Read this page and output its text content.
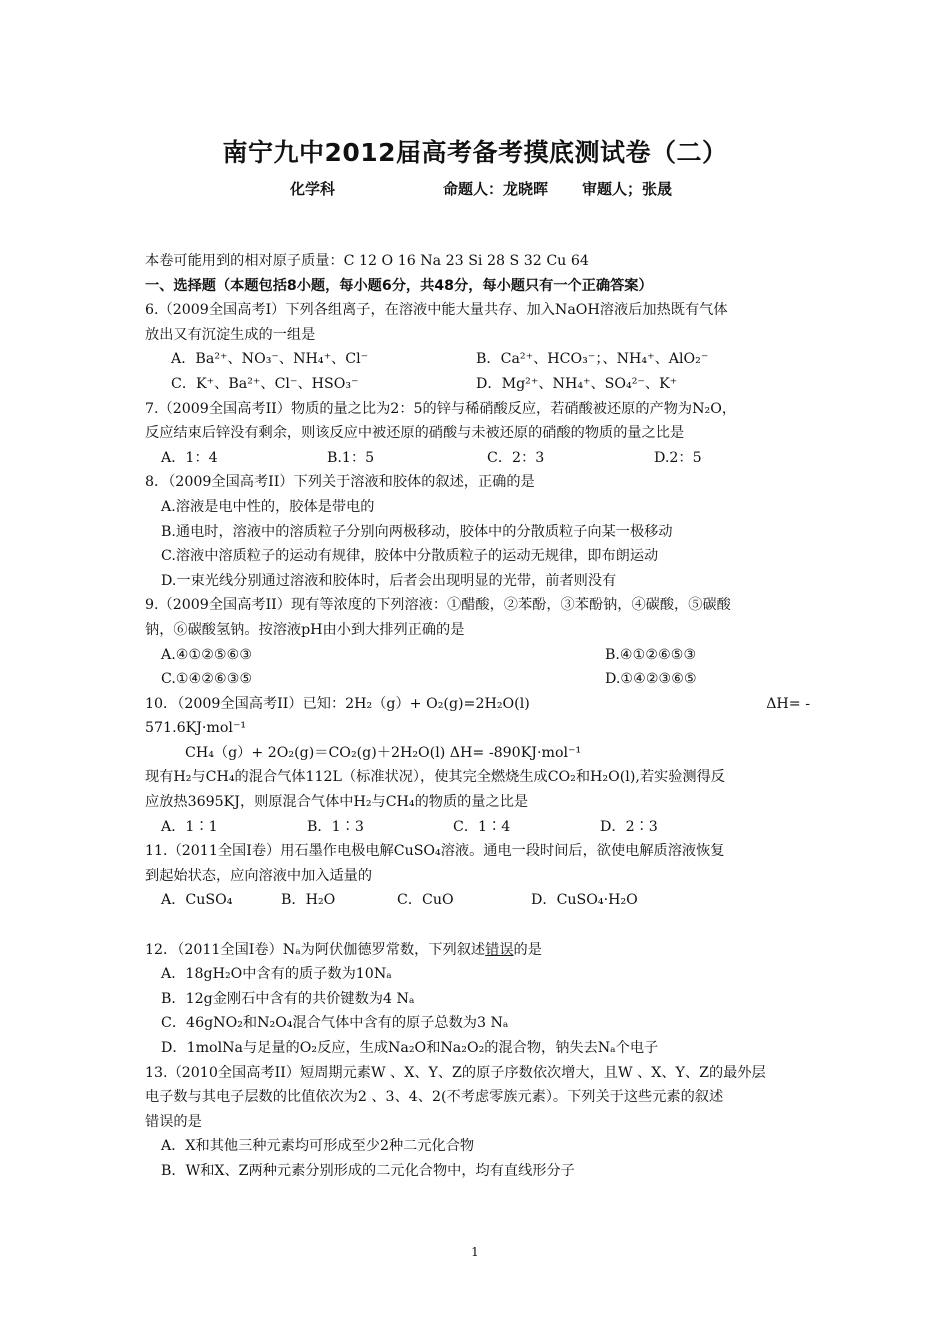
南宁九中2012届高考备考摸底测试卷（二）
化学科	命题人：龙晓晖 审题人；张晟
本卷可能用到的相对原子质量：C 12 O 16 Na 23 Si 28 S 32 Cu 64
一、选择题（本题包括8小题，每小题6分，共48分，每小题只有一个正确答案）
6.（2009全国高考I）下列各组离子，在溶液中能大量共存、加入NaOH溶液后加热既有气体
放出又有沉淀生成的一组是
A．Ba²⁺、NO₃⁻、NH₄⁺、Cl⁻	B．Ca²⁺、HCO₃⁻；、NH₄⁺、AlO₂⁻
C．K⁺、Ba²⁺、Cl⁻、HSO₃⁻	D．Mg²⁺、NH₄⁺、SO₄²⁻、K⁺
7.（2009全国高考II）物质的量之比为2：5的锌与稀硝酸反应，若硝酸被还原的产物为N₂O，
反应结束后锌没有剩余，则该反应中被还原的硝酸与未被还原的硝酸的物质的量之比是
A．1：4	B.1：5	C．2：3	D.2：5
8．（2009全国高考II）下列关于溶液和胶体的叙述，正确的是
A.溶液是电中性的，胶体是带电的
B.通电时，溶液中的溶质粒子分别向两极移动，胶体中的分散质粒子向某一极移动
C.溶液中溶质粒子的运动有规律，胶体中分散质粒子的运动无规律，即布朗运动
D.一束光线分别通过溶液和胶体时，后者会出现明显的光带，前者则没有
9.（2009全国高考II）现有等浓度的下列溶液：①醋酸，②苯酚，③苯酚钠，④碳酸，⑤碳酸
钠，⑥碳酸氢钠。按溶液pH由小到大排列正确的是
A.④①②⑤⑥③	B.④①②⑥⑤③
C.①④②⑥③⑤	D.①④②③⑥⑤
10．（2009全国高考II）已知：2H₂（g）+ O₂(g)=2H₂O(l)	ΔH= -
571.6KJ·mol⁻¹
CH₄（g）+ 2O₂(g)＝CO₂(g)＋2H₂O(l) ΔH= -890KJ·mol⁻¹
现有H₂与CH₄的混合气体112L（标准状况），使其完全燃烧生成CO₂和H₂O(l),若实验测得反
应放热3695KJ，则原混合气体中H₂与CH₄的物质的量之比是
A．1∶1	B．1∶3	C．1∶4	D．2∶3
11.（2011全国Ⅰ卷）用石墨作电极电解CuSO₄溶液。通电一段时间后，欲使电解质溶液恢复
到起始状态，应向溶液中加入适量的
A．CuSO₄	B．H₂O	C．CuO	D．CuSO₄·H₂O
12．（2011全国Ⅰ卷）Nₐ为阿伏伽德罗常数，下列叙述错误的是
A．18gH₂O中含有的质子数为10Nₐ
B．12g金刚石中含有的共价键数为4 Nₐ
C．46gNO₂和N₂O₄混合气体中含有的原子总数为3 Nₐ
D．1molNa与足量的O₂反应，生成Na₂O和Na₂O₂的混合物，钠失去Nₐ个电子
13.（2010全国高考II）短周期元素W 、X、Y、Z的原子序数依次增大，且W 、X、Y、Z的最外层
电子数与其电子层数的比值依次为2 、3、4、2(不考虑零族元素）。下列关于这些元素的叙述
错误的是
A．X和其他三种元素均可形成至少2种二元化合物
B．W和X、Z两种元素分别形成的二元化合物中，均有直线形分子
1
